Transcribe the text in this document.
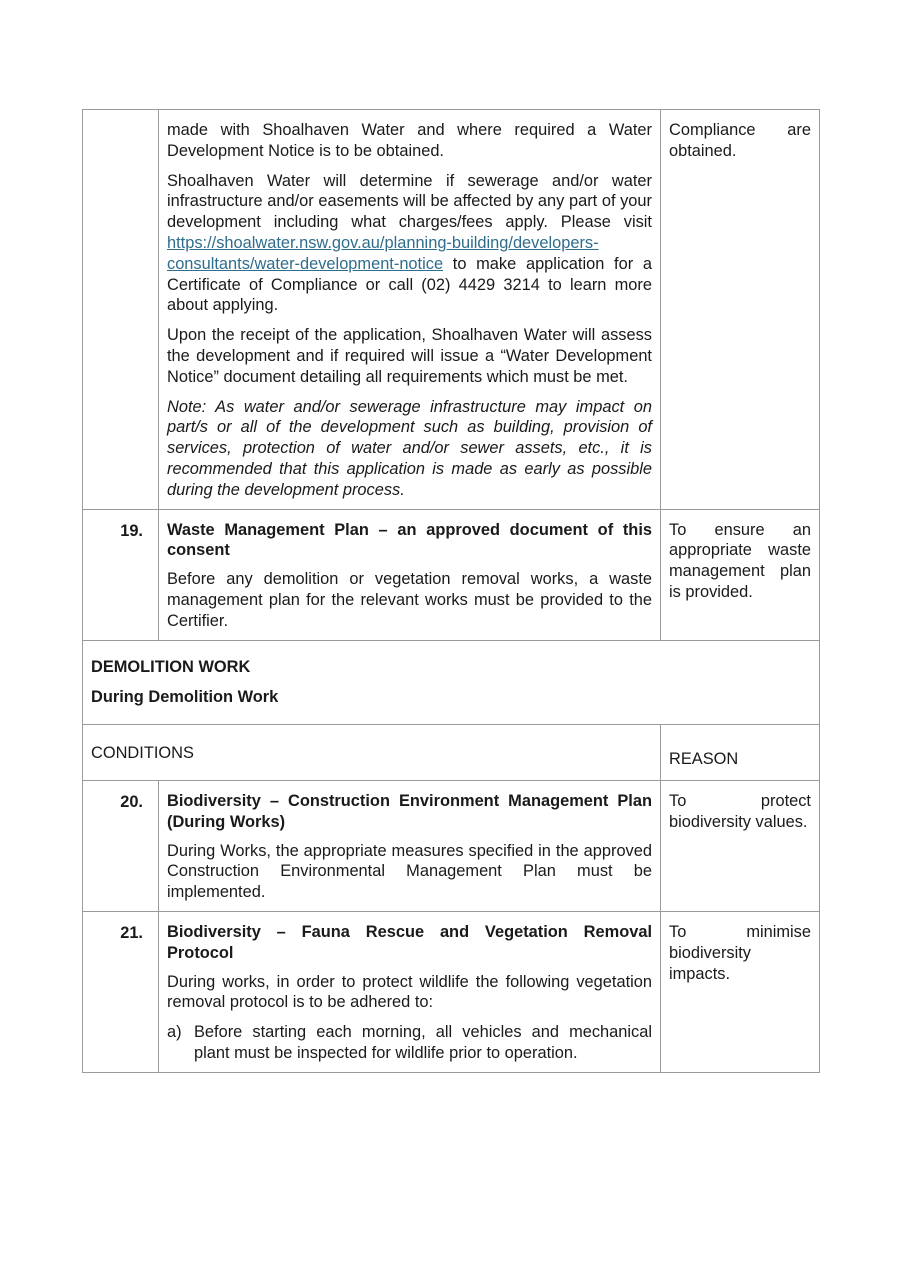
	made with Shoalhaven Water and where required a Water Development Notice is to be obtained.

Shoalhaven Water will determine if sewerage and/or water infrastructure and/or easements will be affected by any part of your development including what charges/fees apply. Please visit https://shoalwater.nsw.gov.au/planning-building/developers-consultants/water-development-notice to make application for a Certificate of Compliance or call (02) 4429 3214 to learn more about applying.

Upon the receipt of the application, Shoalhaven Water will assess the development and if required will issue a “Water Development Notice” document detailing all requirements which must be met.

Note: As water and/or sewerage infrastructure may impact on part/s or all of the development such as building, provision of services, protection of water and/or sewer assets, etc., it is recommended that this application is made as early as possible during the development process.	Compliance are obtained.

19.	Waste Management Plan – an approved document of this consent

Before any demolition or vegetation removal works, a waste management plan for the relevant works must be provided to the Certifier.	To ensure an appropriate waste management plan is provided.

DEMOLITION WORK

During Demolition Work		

CONDITIONS		REASON
20.	Biodiversity – Construction Environment Management Plan (During Works)

During Works, the appropriate measures specified in the approved Construction Environmental Management Plan must be implemented.	To protect biodiversity values.

21.	Biodiversity – Fauna Rescue and Vegetation Removal Protocol

During works, in order to protect wildlife the following vegetation removal protocol is to be adhered to:

a) Before starting each morning, all vehicles and mechanical plant must be inspected for wildlife prior to operation.	To minimise biodiversity impacts.
